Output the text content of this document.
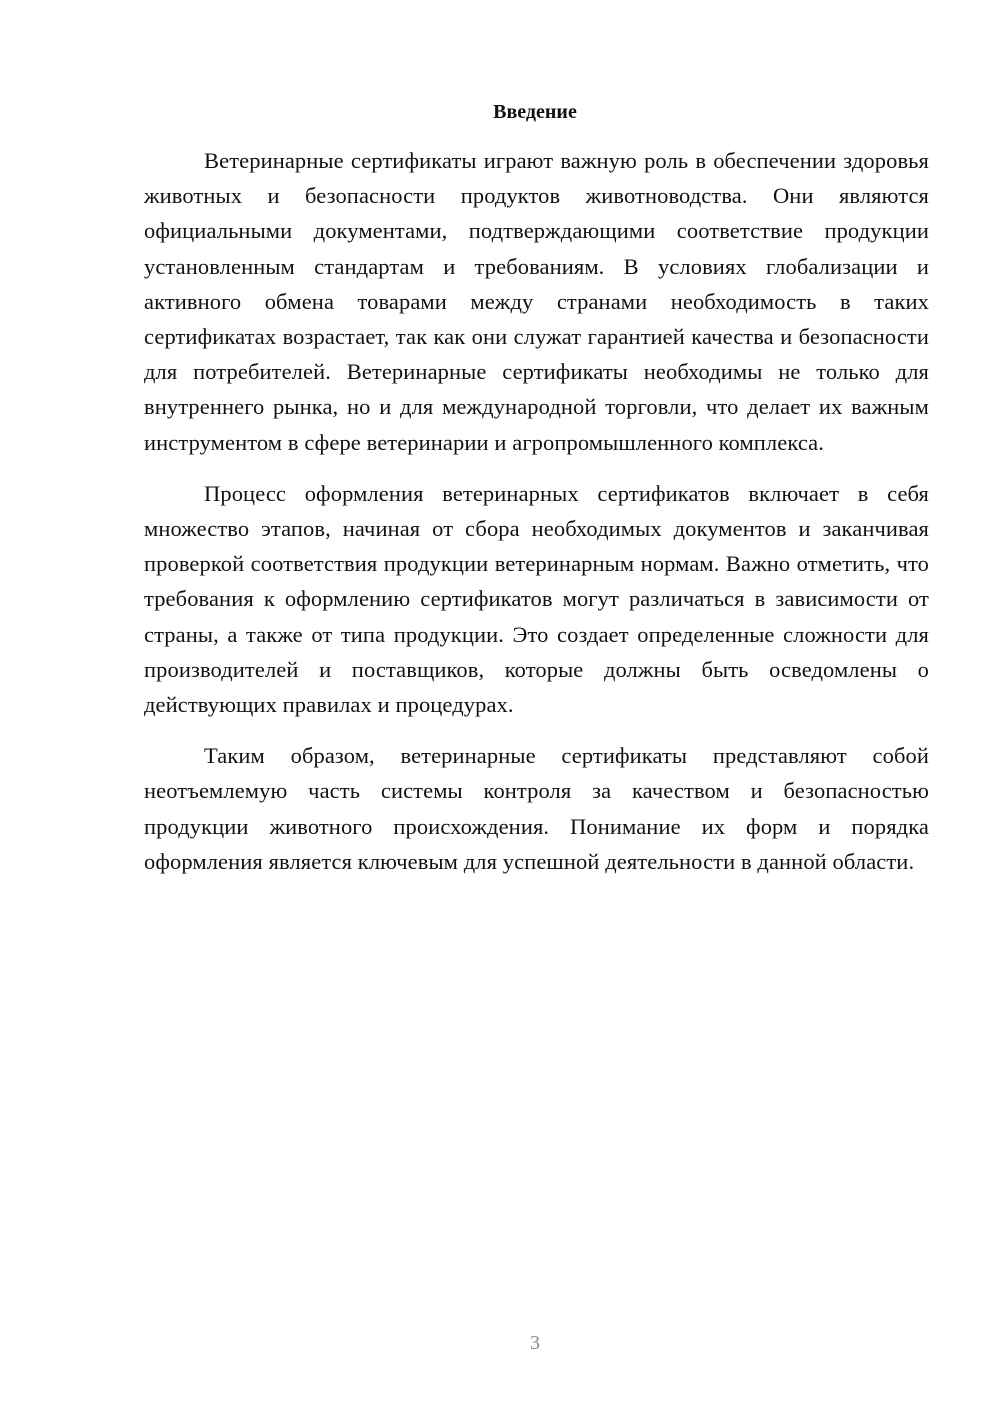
Введение

Ветеринарные сертификаты играют важную роль в обеспечении здоровья животных и безопасности продуктов животноводства. Они являются официальными документами, подтверждающими соответствие продукции установленным стандартам и требованиям. В условиях глобализации и активного обмена товарами между странами необходимость в таких сертификатах возрастает, так как они служат гарантией качества и безопасности для потребителей. Ветеринарные сертификаты необходимы не только для внутреннего рынка, но и для международной торговли, что делает их важным инструментом в сфере ветеринарии и агропромышленного комплекса.

Процесс оформления ветеринарных сертификатов включает в себя множество этапов, начиная от сбора необходимых документов и заканчивая проверкой соответствия продукции ветеринарным нормам. Важно отметить, что требования к оформлению сертификатов могут различаться в зависимости от страны, а также от типа продукции. Это создает определенные сложности для производителей и поставщиков, которые должны быть осведомлены о действующих правилах и процедурах.

Таким образом, ветеринарные сертификаты представляют собой неотъемлемую часть системы контроля за качеством и безопасностью продукции животного происхождения. Понимание их форм и порядка оформления является ключевым для успешной деятельности в данной области.

3
